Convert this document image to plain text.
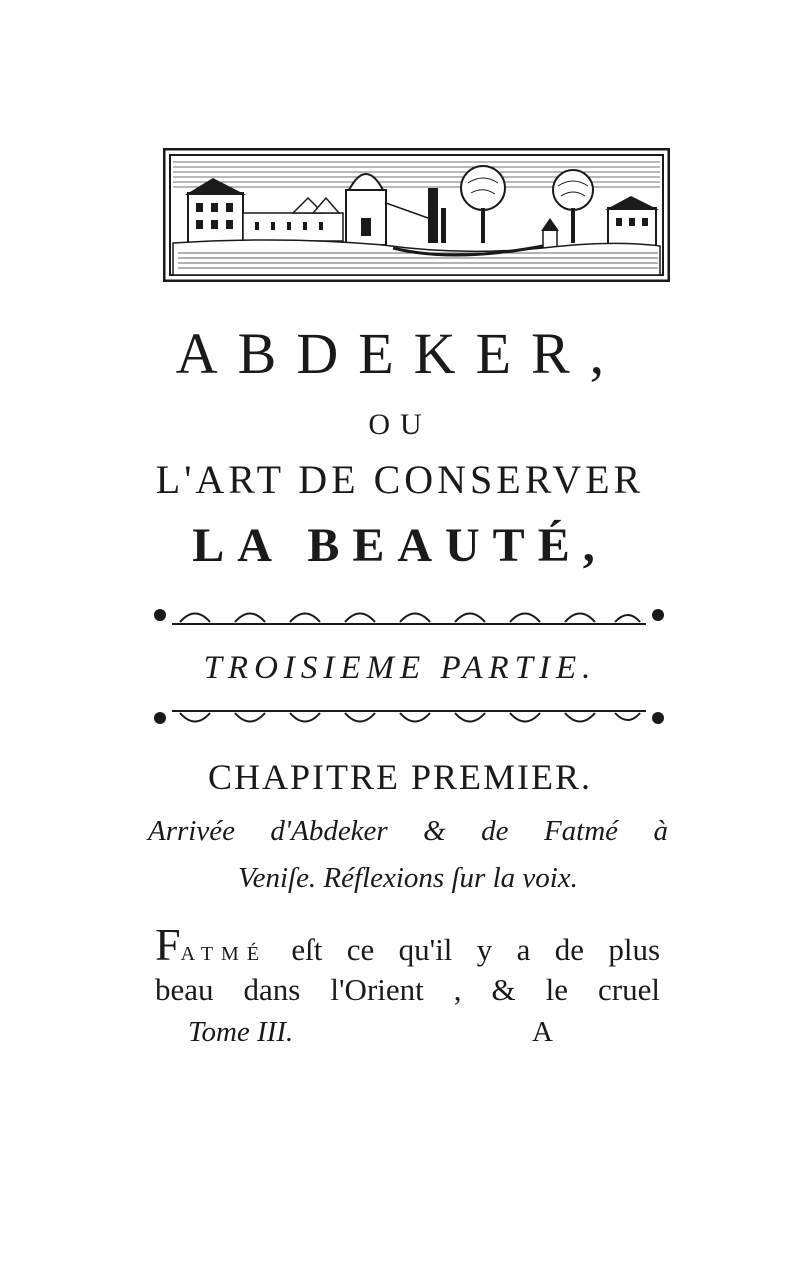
ABDEKER,
OU
L'ART DE CONSERVER
LA BEAUTÉ,
TROISIEME PARTIE.
CHAPITRE PREMIER.
Arrivée d'Abdeker & de Fatmé à
Veniſe. Réflexions ſur la voix.
FATMÉ eſt ce qu'il y a de plus
beau dans l'Orient , & le cruel
Tome III.	A
